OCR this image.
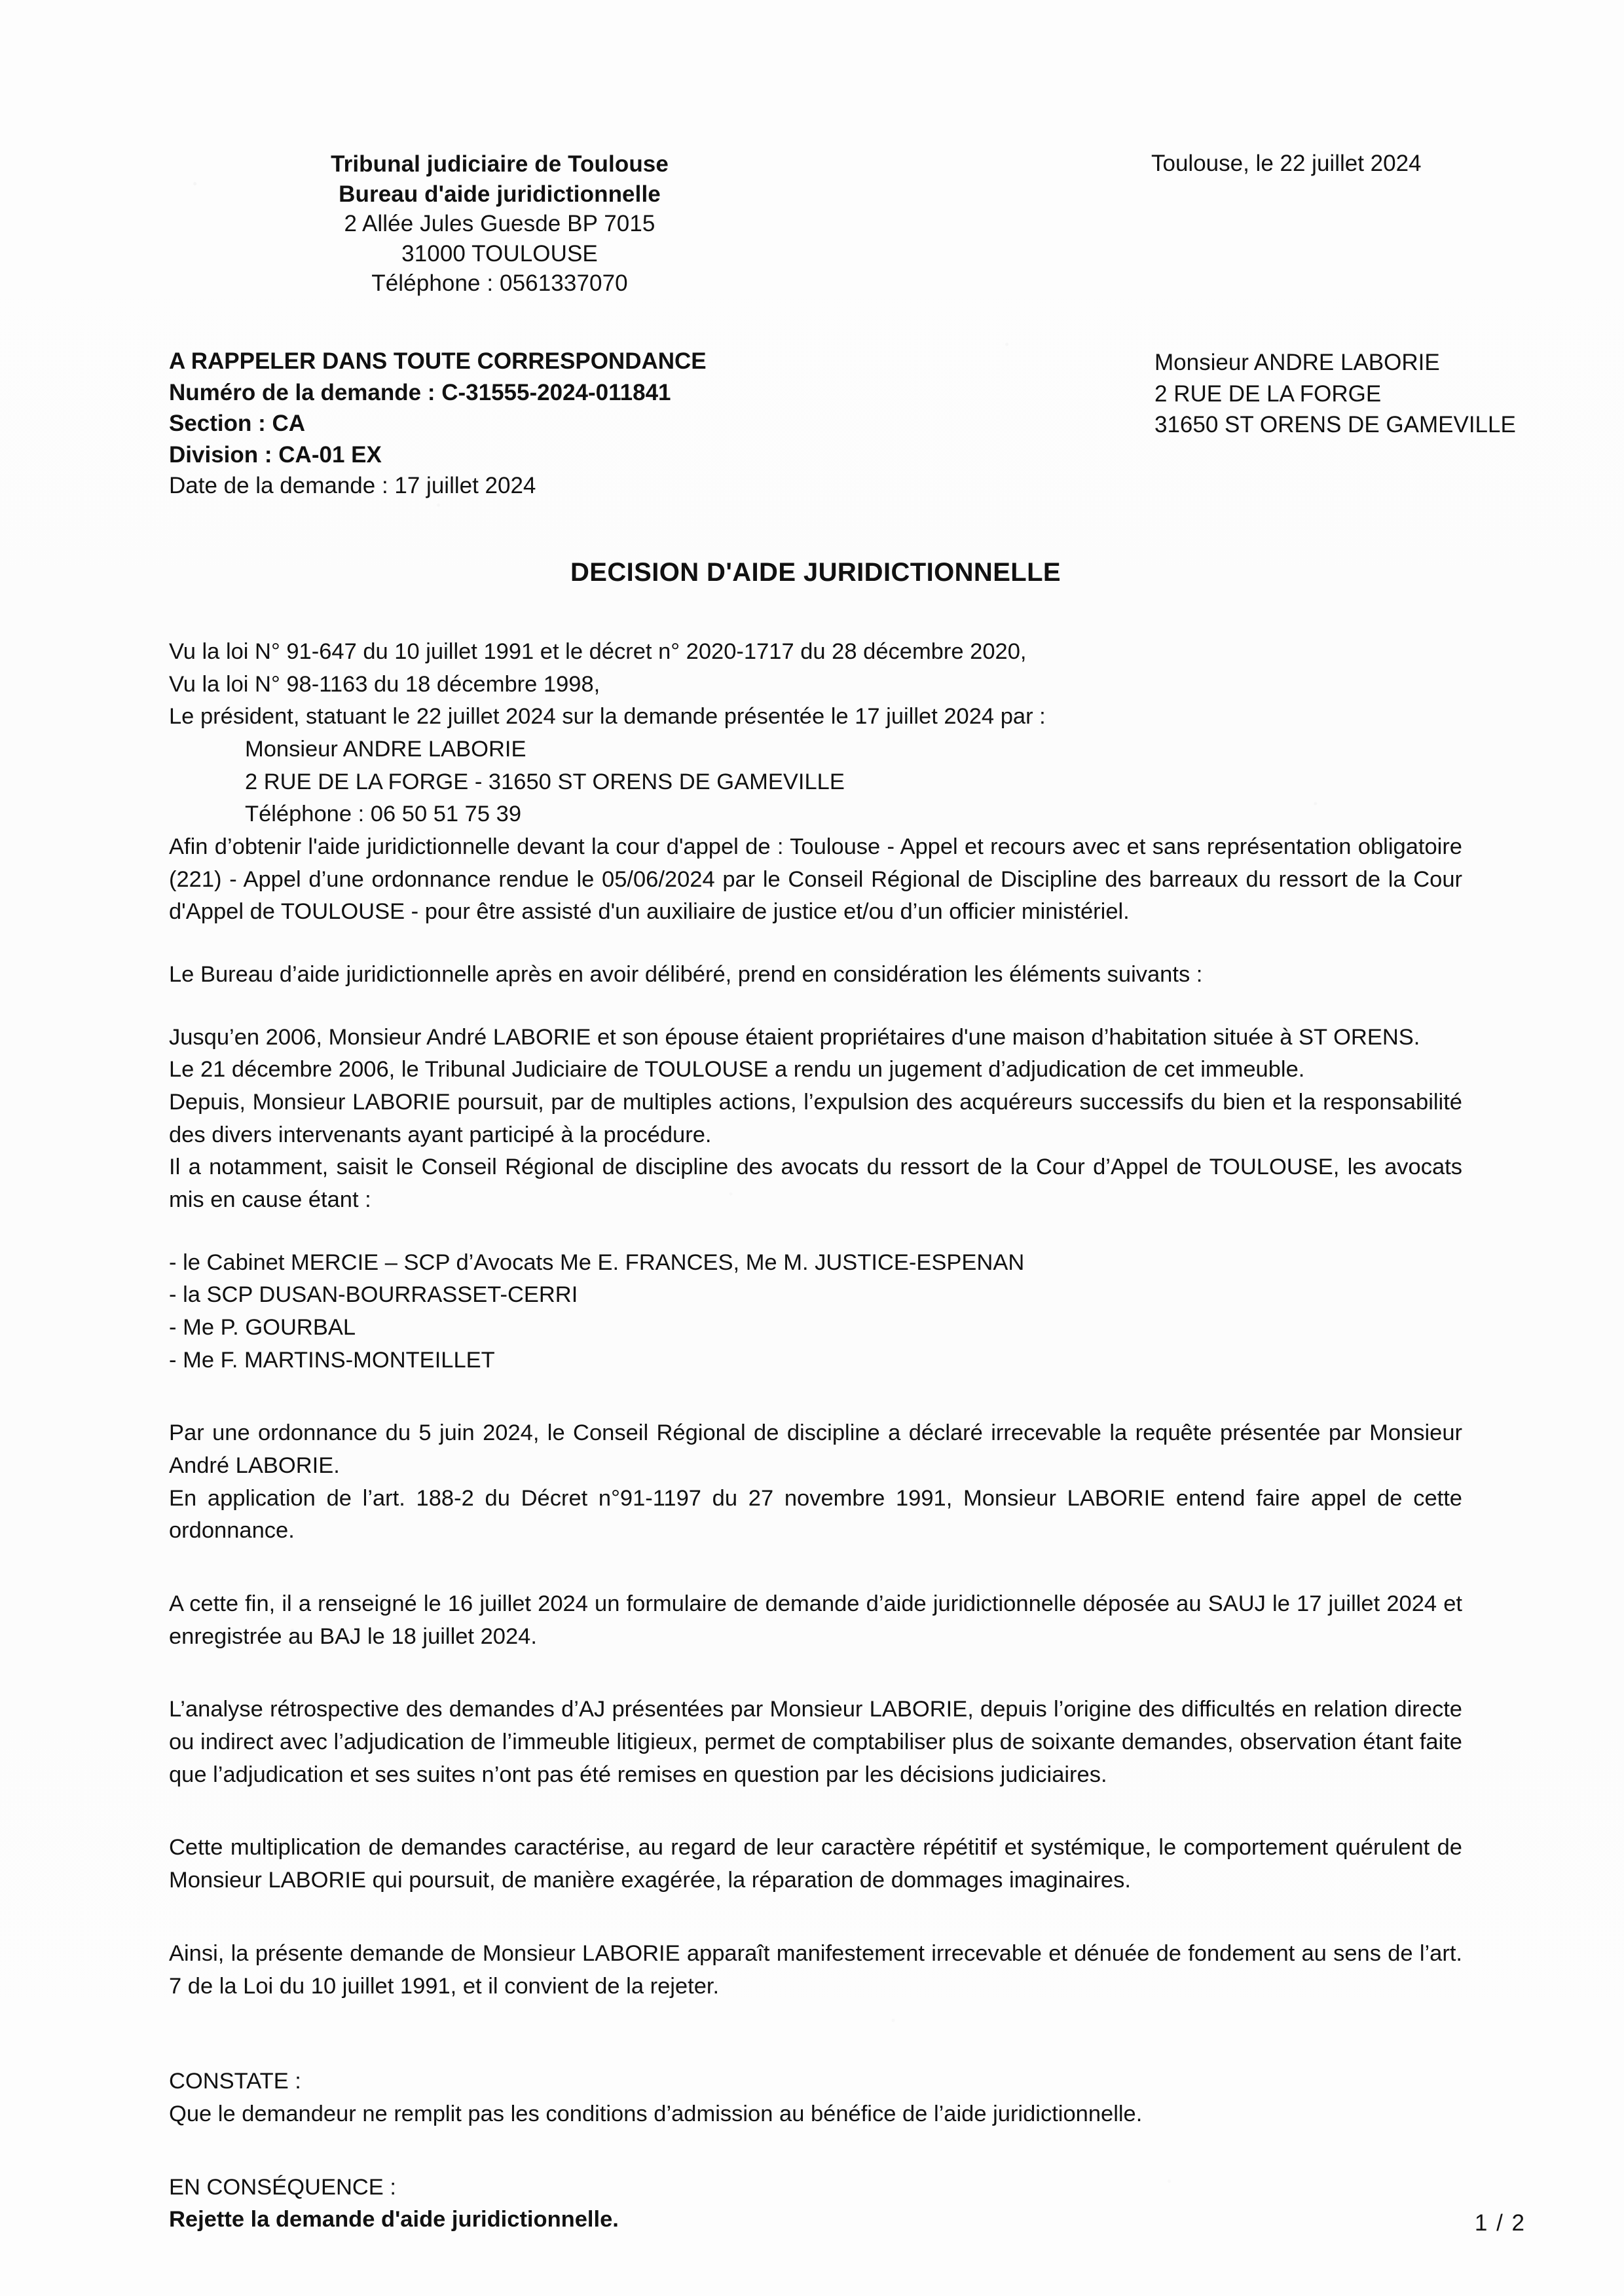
Tribunal judiciaire de Toulouse
Bureau d'aide juridictionnelle
2 Allée Jules Guesde BP 7015
31000 TOULOUSE
Téléphone : 0561337070
Toulouse, le 22 juillet 2024
A RAPPELER DANS TOUTE CORRESPONDANCE
Numéro de la demande : C-31555-2024-011841
Section : CA
Division : CA-01 EX
Date de la demande : 17 juillet 2024
Monsieur ANDRE LABORIE
2 RUE DE LA FORGE
31650 ST ORENS DE GAMEVILLE
DECISION D'AIDE JURIDICTIONNELLE

Vu la loi N° 91-647 du 10 juillet 1991 et le décret n° 2020-1717 du 28 décembre 2020,

Vu la loi N° 98-1163 du 18 décembre 1998,

Le président, statuant le 22 juillet 2024 sur la demande présentée le 17 juillet 2024 par :

Monsieur ANDRE LABORIE

2 RUE DE LA FORGE - 31650 ST ORENS DE GAMEVILLE

Téléphone : 06 50 51 75 39

Afin d’obtenir l'aide juridictionnelle devant la cour d'appel de : Toulouse - Appel et recours avec et sans représentation obligatoire (221) - Appel d’une ordonnance rendue le 05/06/2024 par le Conseil Régional de Discipline des barreaux du ressort de la Cour d'Appel de TOULOUSE - pour être assisté d'un auxiliaire de justice et/ou d’un officier ministériel.

Le Bureau d’aide juridictionnelle après en avoir délibéré, prend en considération les éléments suivants :

Jusqu’en 2006, Monsieur André LABORIE et son épouse étaient propriétaires d'une maison d’habitation située à ST ORENS.

Le 21 décembre 2006, le Tribunal Judiciaire de TOULOUSE a rendu un jugement d’adjudication de cet immeuble.

Depuis, Monsieur LABORIE poursuit, par de multiples actions, l’expulsion des acquéreurs successifs du bien et la responsabilité des divers intervenants ayant participé à la procédure.

Il a notamment, saisit le Conseil Régional de discipline des avocats du ressort de la Cour d’Appel de TOULOUSE, les avocats mis en cause étant :

- le Cabinet MERCIE – SCP d’Avocats Me E. FRANCES, Me M. JUSTICE-ESPENAN

- la SCP DUSAN-BOURRASSET-CERRI

- Me P. GOURBAL

- Me F. MARTINS-MONTEILLET

Par une ordonnance du 5 juin 2024, le Conseil Régional de discipline a déclaré irrecevable la requête présentée par Monsieur André LABORIE.

En application de l’art. 188-2 du Décret n°91-1197 du 27 novembre 1991, Monsieur LABORIE entend faire appel de cette ordonnance.

A cette fin, il a renseigné le 16 juillet 2024 un formulaire de demande d’aide juridictionnelle déposée au SAUJ le 17 juillet 2024 et enregistrée au BAJ le 18 juillet 2024.

L’analyse rétrospective des demandes d’AJ présentées par Monsieur LABORIE, depuis l’origine des difficultés en relation directe ou indirect avec l’adjudication de l’immeuble litigieux, permet de comptabiliser plus de soixante demandes, observation étant faite que l’adjudication et ses suites n’ont pas été remises en question par les décisions judiciaires.

Cette multiplication de demandes caractérise, au regard de leur caractère répétitif et systémique, le comportement quérulent de Monsieur LABORIE qui poursuit, de manière exagérée, la réparation de dommages imaginaires.

Ainsi, la présente demande de Monsieur LABORIE apparaît manifestement irrecevable et dénuée de fondement au sens de l’art. 7 de la Loi du 10 juillet 1991, et il convient de la rejeter.

CONSTATE :

Que le demandeur ne remplit pas les conditions d’admission au bénéfice de l’aide juridictionnelle.

EN CONSÉQUENCE :

Rejette la demande d'aide juridictionnelle.	1 / 2
